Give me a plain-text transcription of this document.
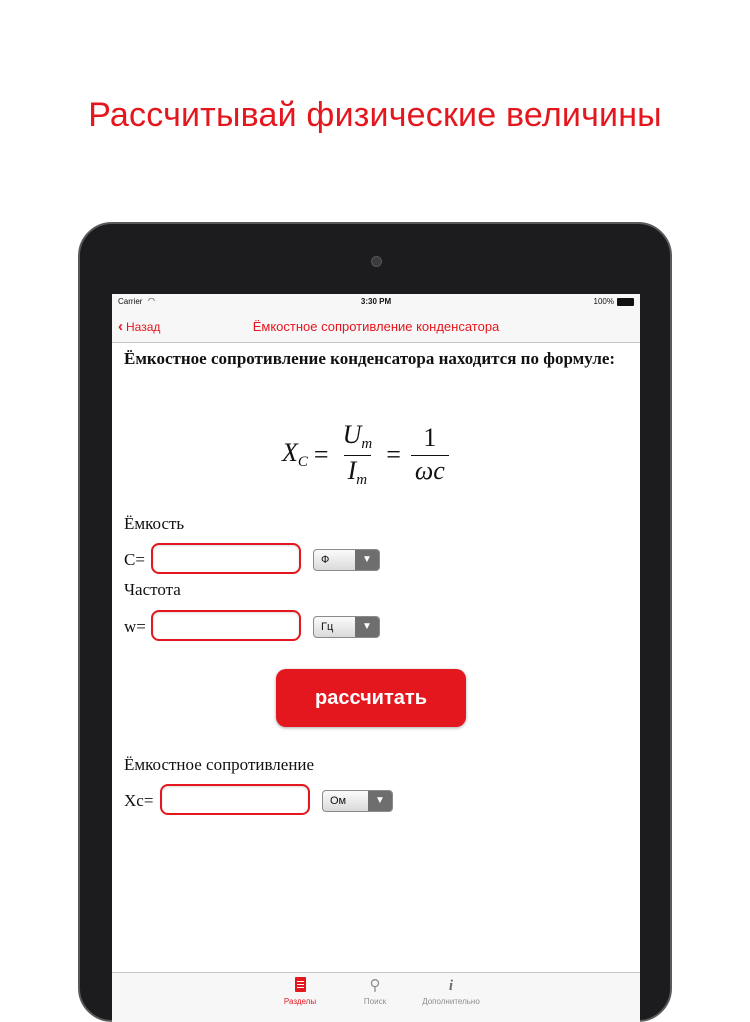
Рассчитывай физические величины
Carrier ◠	3:30 PM	100%
‹ Назад	Ёмкостное сопротивление конденсатора
Ёмкостное сопротивление конденсатора находится по формуле:
$X_C = \frac{U_m}{I_m} = \frac{1}{\omega c}$
Ёмкость
C=	Ф	▼
Частота
w=	Гц	▼
рассчитать
Ёмкостное сопротивление
Xc=	Ом	▼
Разделы
⚲
Поиск
i
Дополнительно
